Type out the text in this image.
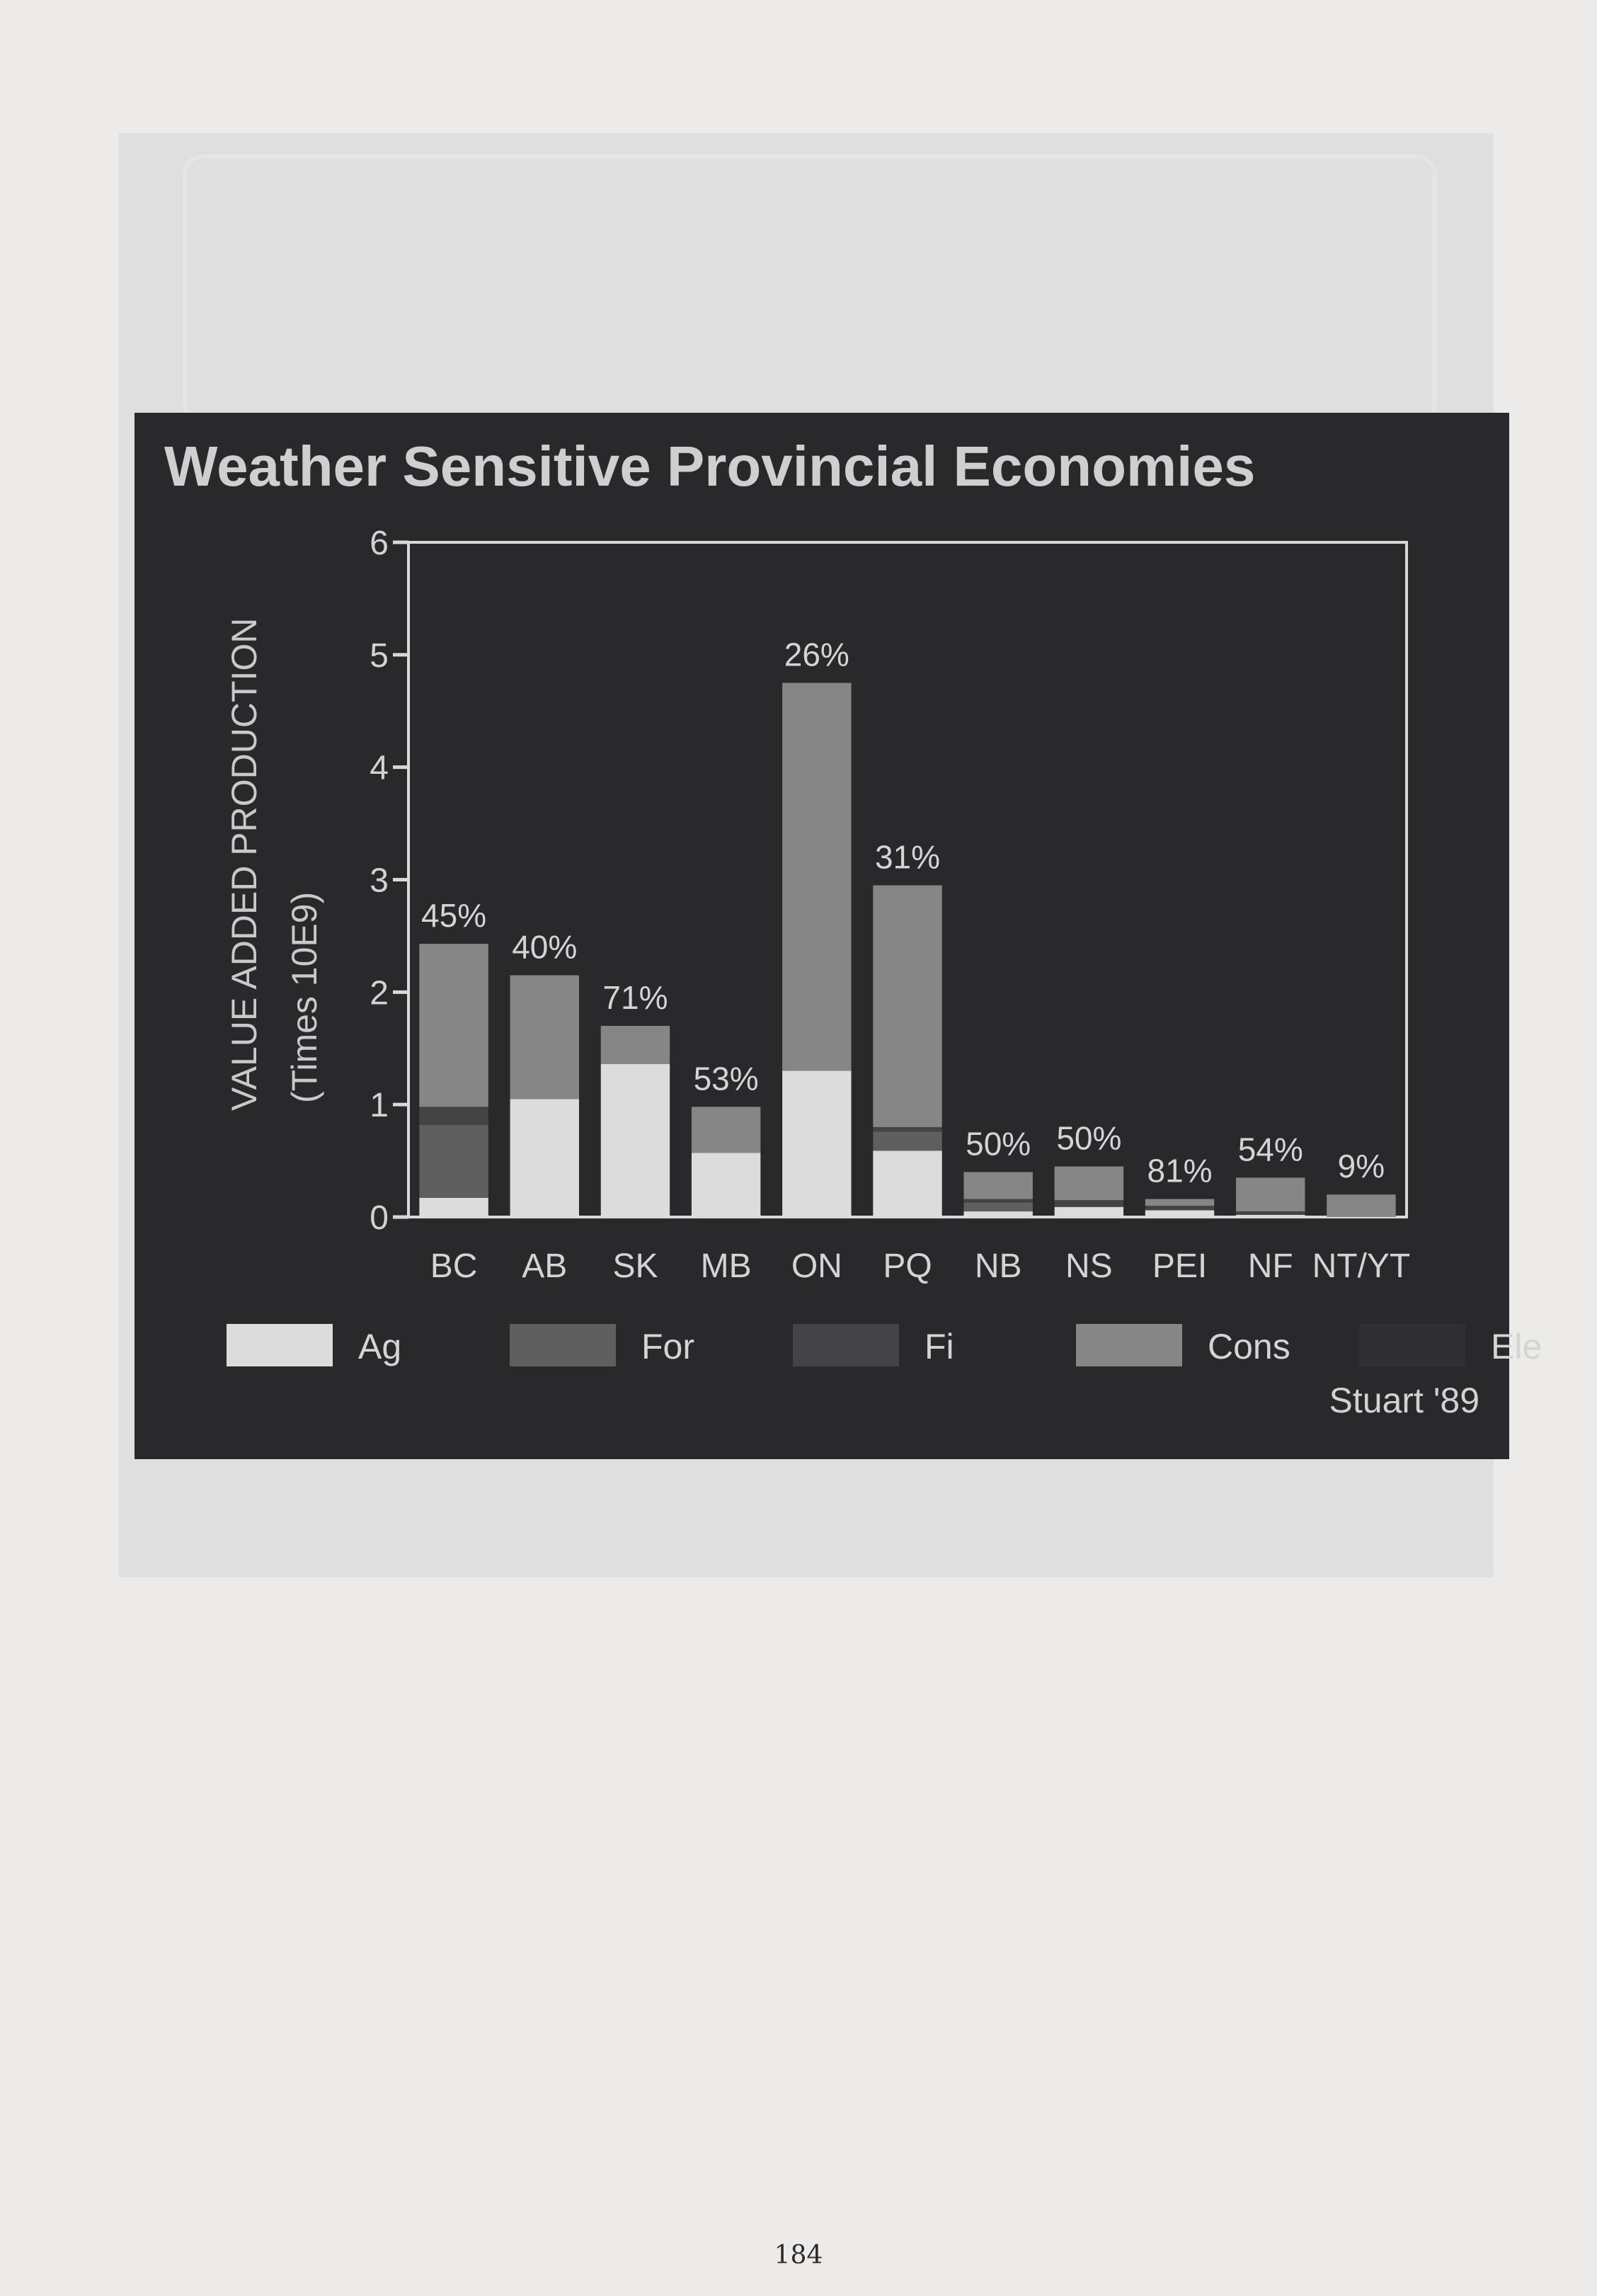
Weather Sensitive Provincial Economies
VALUE ADDED PRODUCTION (Times 10E9)	45%
40%
71%
53%
26%
31%
50% 50%
81%
54% 9%
BC AB SK MB ON PQ NB NS PEI NF NT/YT
0
1
2
3
4
5
6
Ag	For	Fi	Cons	Ele
Stuart '89
184
